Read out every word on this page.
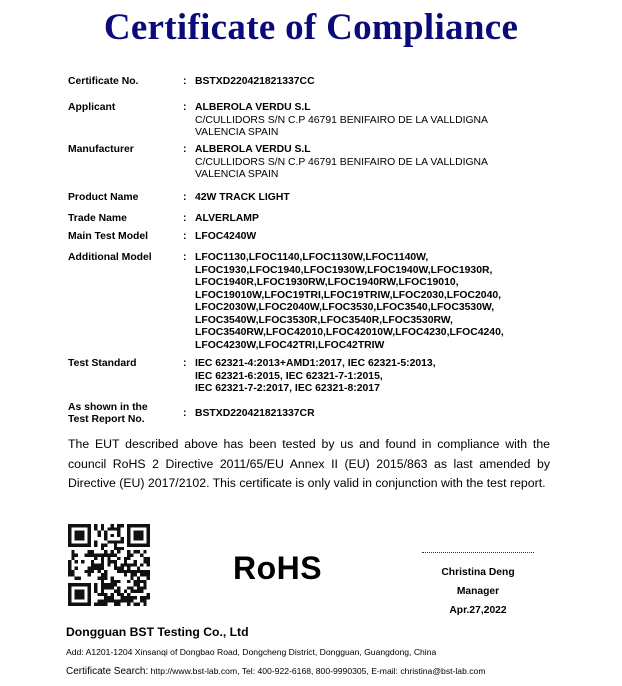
Certificate of Compliance
Certificate No.	: BSTXD220421821337CC
Applicant	: ALBEROLA VERDU S.L
C/CULLIDORS S/N C.P 46791 BENIFAIRO DE LA VALLDIGNA
VALENCIA SPAIN
Manufacturer	: ALBEROLA VERDU S.L
C/CULLIDORS S/N C.P 46791 BENIFAIRO DE LA VALLDIGNA
VALENCIA SPAIN
Product Name	: 42W TRACK LIGHT
Trade Name	: ALVERLAMP
Main Test Model	: LFOC4240W
Additional Model	: LFOC1130,LFOC1140,LFOC1130W,LFOC1140W,
LFOC1930,LFOC1940,LFOC1930W,LFOC1940W,LFOC1930R,
LFOC1940R,LFOC1930RW,LFOC1940RW,LFOC19010,
LFOC19010W,LFOC19TRI,LFOC19TRIW,LFOC2030,LFOC2040,
LFOC2030W,LFOC2040W,LFOC3530,LFOC3540,LFOC3530W,
LFOC3540W,LFOC3530R,LFOC3540R,LFOC3530RW,
LFOC3540RW,LFOC42010,LFOC42010W,LFOC4230,LFOC4240,
LFOC4230W,LFOC42TRI,LFOC42TRIW
Test Standard	: IEC 62321-4:2013+AMD1:2017, IEC 62321-5:2013,
IEC 62321-6:2015, IEC 62321-7-1:2015,
IEC 62321-7-2:2017, IEC 62321-8:2017
As shown in the
Test Report No.	: BSTXD220421821337CR
The EUT described above has been tested by us and found in compliance with the council RoHS 2 Directive 2011/65/EU Annex II (EU) 2015/863 as last amended by Directive (EU) 2017/2102. This certificate is only valid in conjunction with the test report.
RoHS	Christina Deng
Manager
Apr.27,2022
Dongguan BST Testing Co., Ltd
Add: A1201-1204 Xinsanqi of Dongbao Road, Dongcheng District, Dongguan, Guangdong, China
Certificate Search: http://www.bst-lab.com, Tel: 400-922-6168, 800-9990305, E-mail: christina@bst-lab.com
